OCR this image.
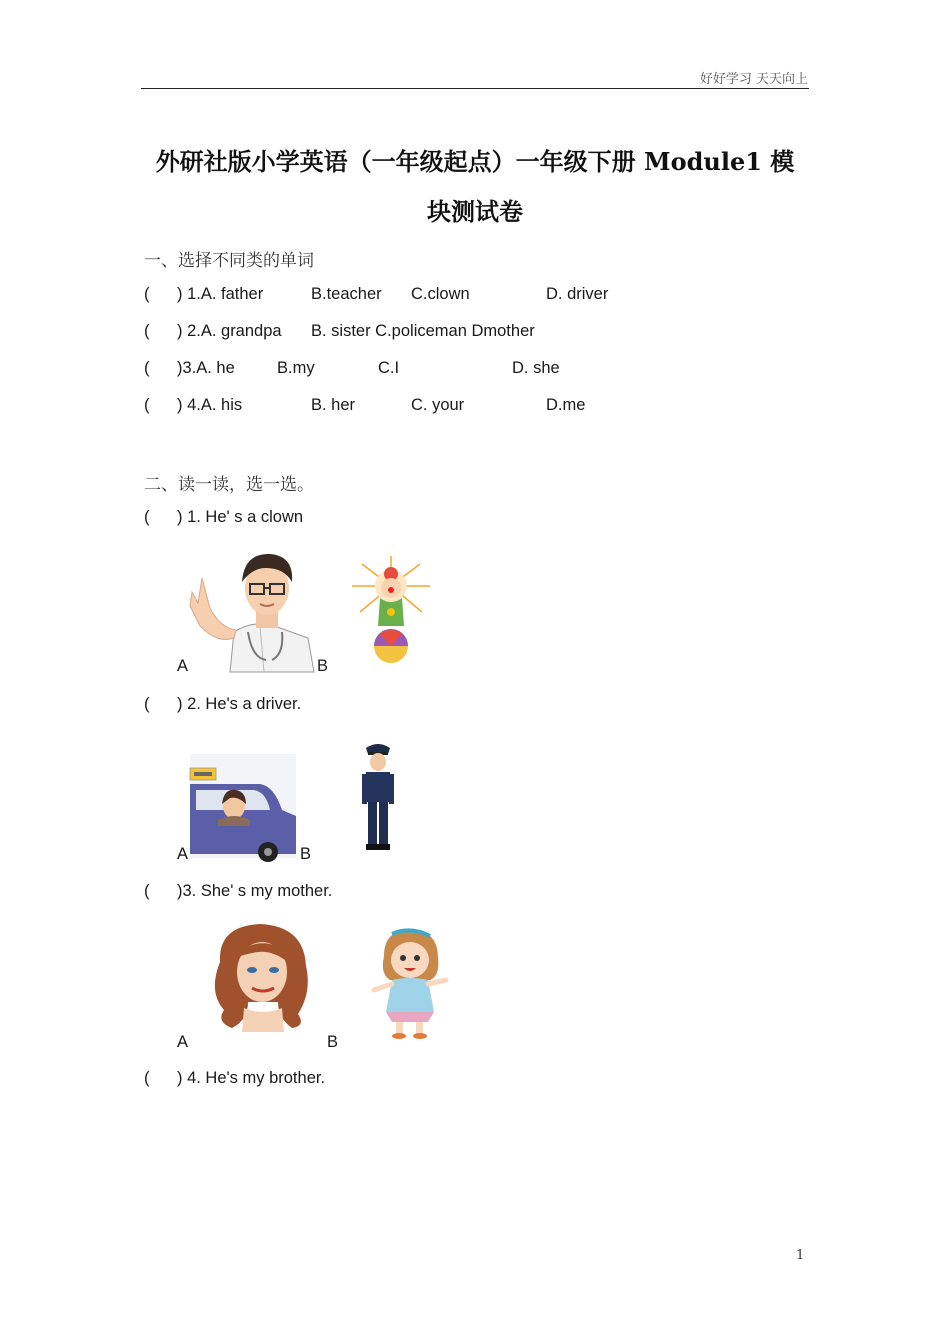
好好学习 天天向上
外研社版小学英语（一年级起点）一年级下册 Module1 模
块测试卷
一、选择不同类的单词
( ) 1.A. father	B.teacher C.clown	D. driver
( ) 2.A. grandpa B. sister C.policeman Dmother
( )3.A. he	B.my	C.I	D. she
( ) 4.A. his	B. her	C. your	D.me
二、读一读，选一选。
( ) 1. He' s a clown
A	B
( ) 2. He's a driver.
A	B
( )3. She' s my mother.
A	B
( ) 4. He's my brother.
1
